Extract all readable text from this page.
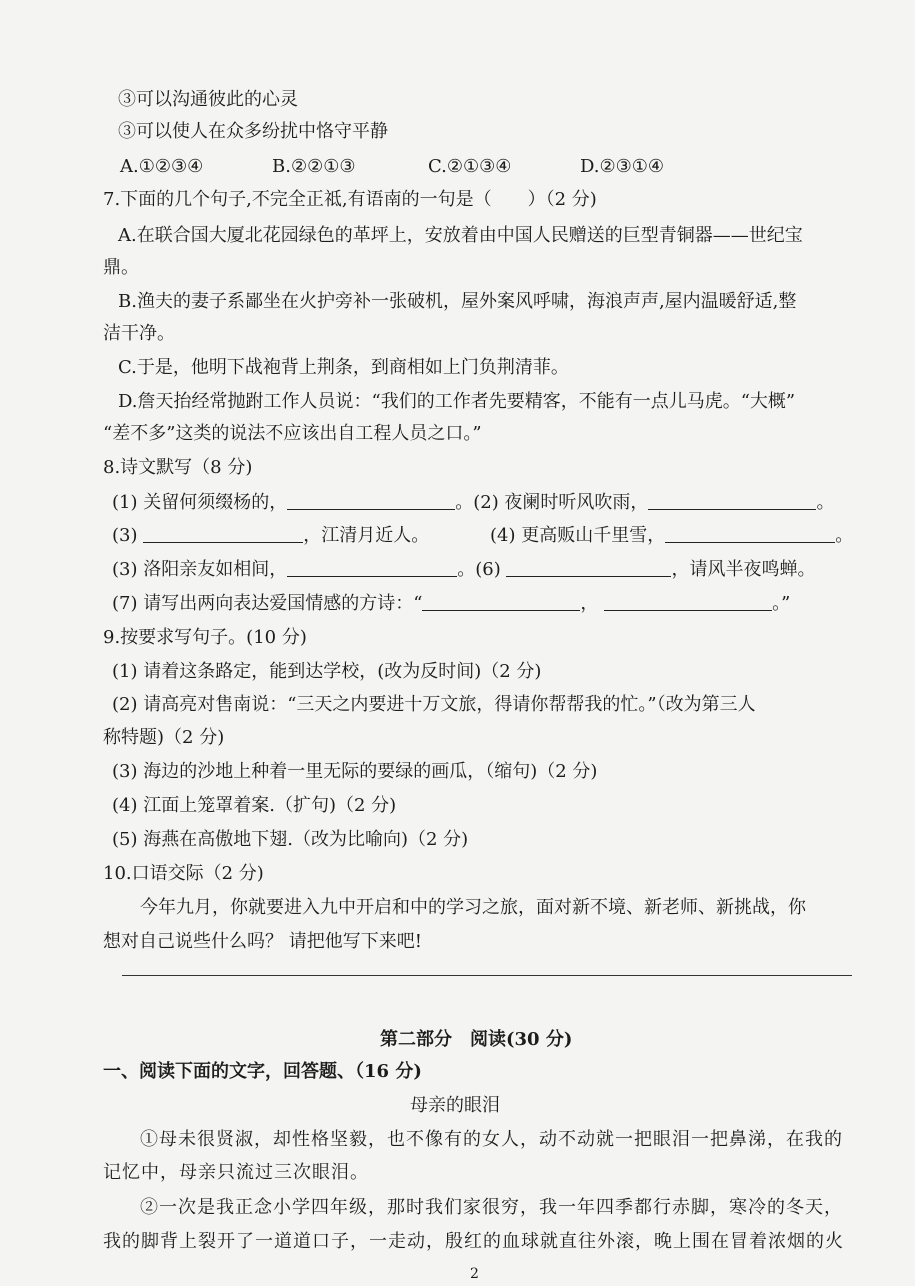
③可以沟通彼此的心灵
③可以使人在众多纷扰中恪守平静
A.①②③④	B.②②①③	C.②①③④	D.②③①④
7.下面的几个句子,不完全正祗,有语南的一句是（　　）（2 分)
A.在联合国大厦北花园绿色的革坪上，安放着由中国人民赠送的巨型青铜器——世纪宝
鼎。
B.渔夫的妻子系鄙坐在火护旁补一张破机，屋外案风呼啸，海浪声声,屋内温暖舒适,整
洁干净。
C.于是，他明下战袍背上荆条，到商相如上门负荆清菲。
D.詹天抬经常抛跗工作人员说：“我们的工作者先要精客，不能有一点儿马虎。“大概”
“差不多”这类的说法不应该出自工程人员之口。”
8.诗文默写（8 分)
(1) 关留何须缀杨的，	。(2) 夜阑时听风吹雨，	。
(3)	，江清月近人。	(4) 更高贩山千里雪，	。
(3) 洛阳亲友如相间，	。(6)	，请风半夜鸣蝉。
(7) 请写出两向表达爱国情感的方诗：“	，	。”
9.按要求写句子。(10 分)
(1) 请着这条路定，能到达学校，(改为反时间)（2 分)
(2) 请高亮对售南说：“三天之内要进十万文旅，得请你帮帮我的忙。”（改为第三人
称特题)（2 分)
(3) 海边的沙地上种着一里无际的要绿的画瓜，（缩句)（2 分)
(4) 江面上笼罩着案.（扩句)（2 分)
(5) 海燕在高傲地下翅.（改为比喻向)（2 分)
10.口语交际（2 分)
今年九月，你就要进入九中开启和中的学习之旅，面对新不境、新老师、新挑战，你
想对自己说些什么吗？ 请把他写下来吧!
第二部分　阅读(30 分)
一、阅读下面的文字，回答题、（16 分)
母亲的眼泪
①母未很贤淑，却性格坚毅，也不像有的女人，动不动就一把眼泪一把鼻涕，在我的
记忆中，母亲只流过三次眼泪。
②一次是我正念小学四年级，那时我们家很穷，我一年四季都行赤脚，寒冷的冬天，
我的脚背上裂开了一道道口子，一走动，殷红的血球就直往外滚，晚上围在冒着浓烟的火
2
